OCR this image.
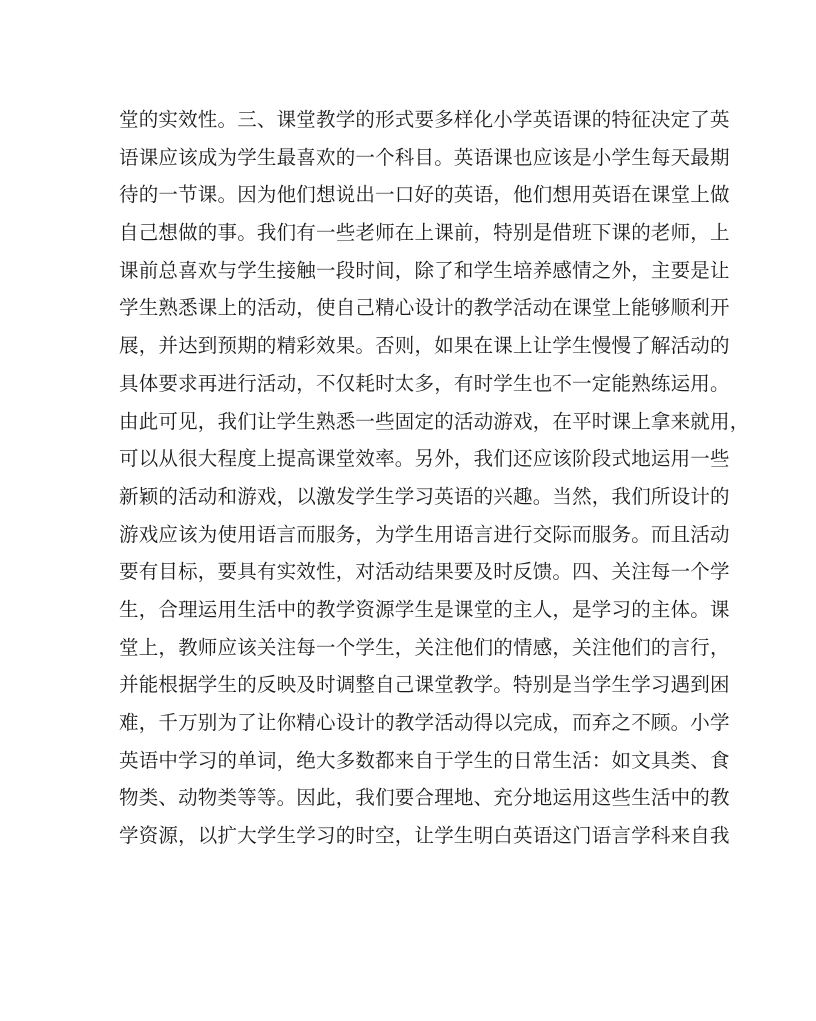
堂的实效性。三、课堂教学的形式要多样化小学英语课的特征决定了英
语课应该成为学生最喜欢的一个科目。英语课也应该是小学生每天最期
待的一节课。因为他们想说出一口好的英语，他们想用英语在课堂上做
自己想做的事。我们有一些老师在上课前，特别是借班下课的老师，上
课前总喜欢与学生接触一段时间，除了和学生培养感情之外，主要是让
学生熟悉课上的活动，使自己精心设计的教学活动在课堂上能够顺利开
展，并达到预期的精彩效果。否则，如果在课上让学生慢慢了解活动的
具体要求再进行活动，不仅耗时太多，有时学生也不一定能熟练运用。
由此可见，我们让学生熟悉一些固定的活动游戏，在平时课上拿来就用，
可以从很大程度上提高课堂效率。另外，我们还应该阶段式地运用一些
新颖的活动和游戏，以激发学生学习英语的兴趣。当然，我们所设计的
游戏应该为使用语言而服务，为学生用语言进行交际而服务。而且活动
要有目标，要具有实效性，对活动结果要及时反馈。四、关注每一个学
生，合理运用生活中的教学资源学生是课堂的主人，是学习的主体。课
堂上，教师应该关注每一个学生，关注他们的情感，关注他们的言行，
并能根据学生的反映及时调整自己课堂教学。特别是当学生学习遇到困
难，千万别为了让你精心设计的教学活动得以完成，而弃之不顾。小学
英语中学习的单词，绝大多数都来自于学生的日常生活：如文具类、食
物类、动物类等等。因此，我们要合理地、充分地运用这些生活中的教
学资源，以扩大学生学习的时空，让学生明白英语这门语言学科来自我
